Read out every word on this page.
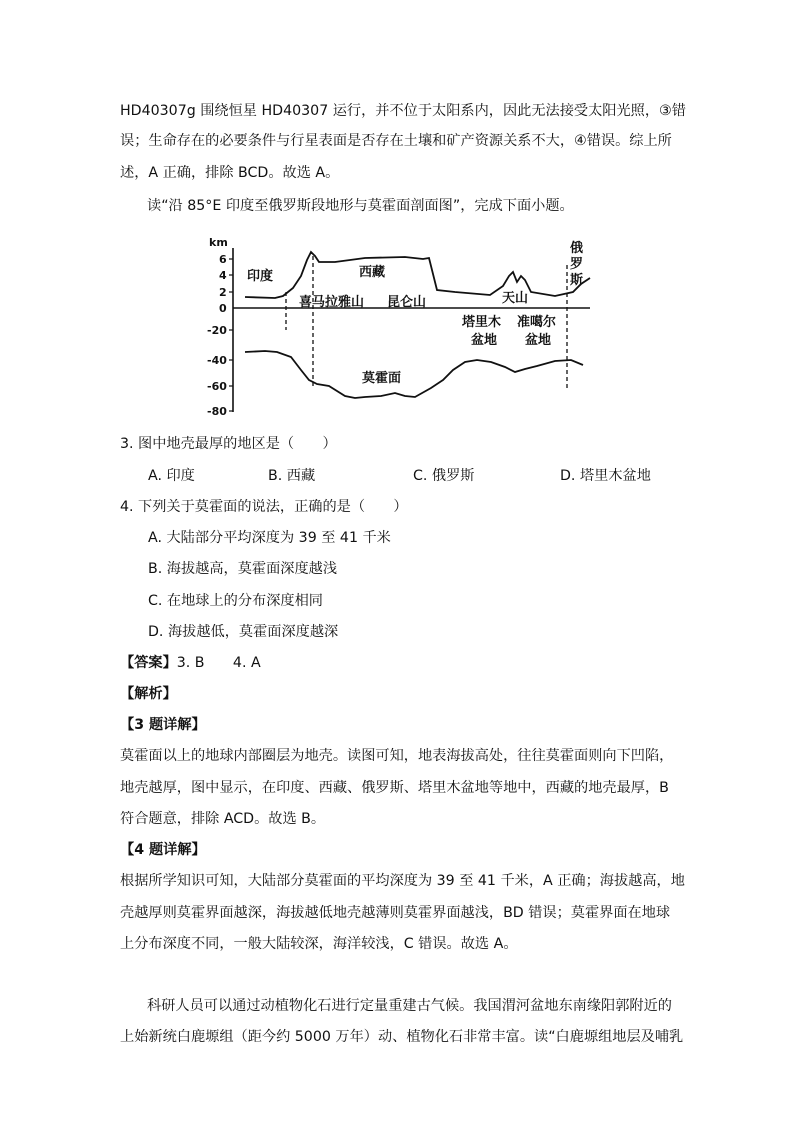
HD40307g 围绕恒星 HD40307 运行，并不位于太阳系内，因此无法接受太阳光照，③错
误；生命存在的必要条件与行星表面是否存在土壤和矿产资源关系不大，④错误。综上所
述，A 正确，排除 BCD。故选 A。
读“沿 85°E 印度至俄罗斯段地形与莫霍面剖面图”，完成下面小题。
km
6
4
2
0
-20
-40
-60
-80
印度	西藏
俄
罗
斯
喜马拉雅山 昆仑山	天山
塔里木
盆地
准噶尔
盆地
莫霍面
3. 图中地壳最厚的地区是（　　）
A. 印度	B. 西藏	C. 俄罗斯	D. 塔里木盆地
4. 下列关于莫霍面的说法，正确的是（　　）
A. 大陆部分平均深度为 39 至 41 千米
B. 海拔越高，莫霍面深度越浅
C. 在地球上的分布深度相同
D. 海拔越低，莫霍面深度越深
【答案】3. B　　4. A
【解析】
【3 题详解】
莫霍面以上的地球内部圈层为地壳。读图可知，地表海拔高处，往往莫霍面则向下凹陷，
地壳越厚，图中显示，在印度、西藏、俄罗斯、塔里木盆地等地中，西藏的地壳最厚，B
符合题意，排除 ACD。故选 B。
【4 题详解】
根据所学知识可知，大陆部分莫霍面的平均深度为 39 至 41 千米，A 正确；海拔越高，地
壳越厚则莫霍界面越深，海拔越低地壳越薄则莫霍界面越浅，BD 错误；莫霍界面在地球
上分布深度不同，一般大陆较深，海洋较浅，C 错误。故选 A。
科研人员可以通过动植物化石进行定量重建古气候。我国渭河盆地东南缘阳郭附近的
上始新统白鹿塬组（距今约 5000 万年）动、植物化石非常丰富。读“白鹿塬组地层及哺乳
